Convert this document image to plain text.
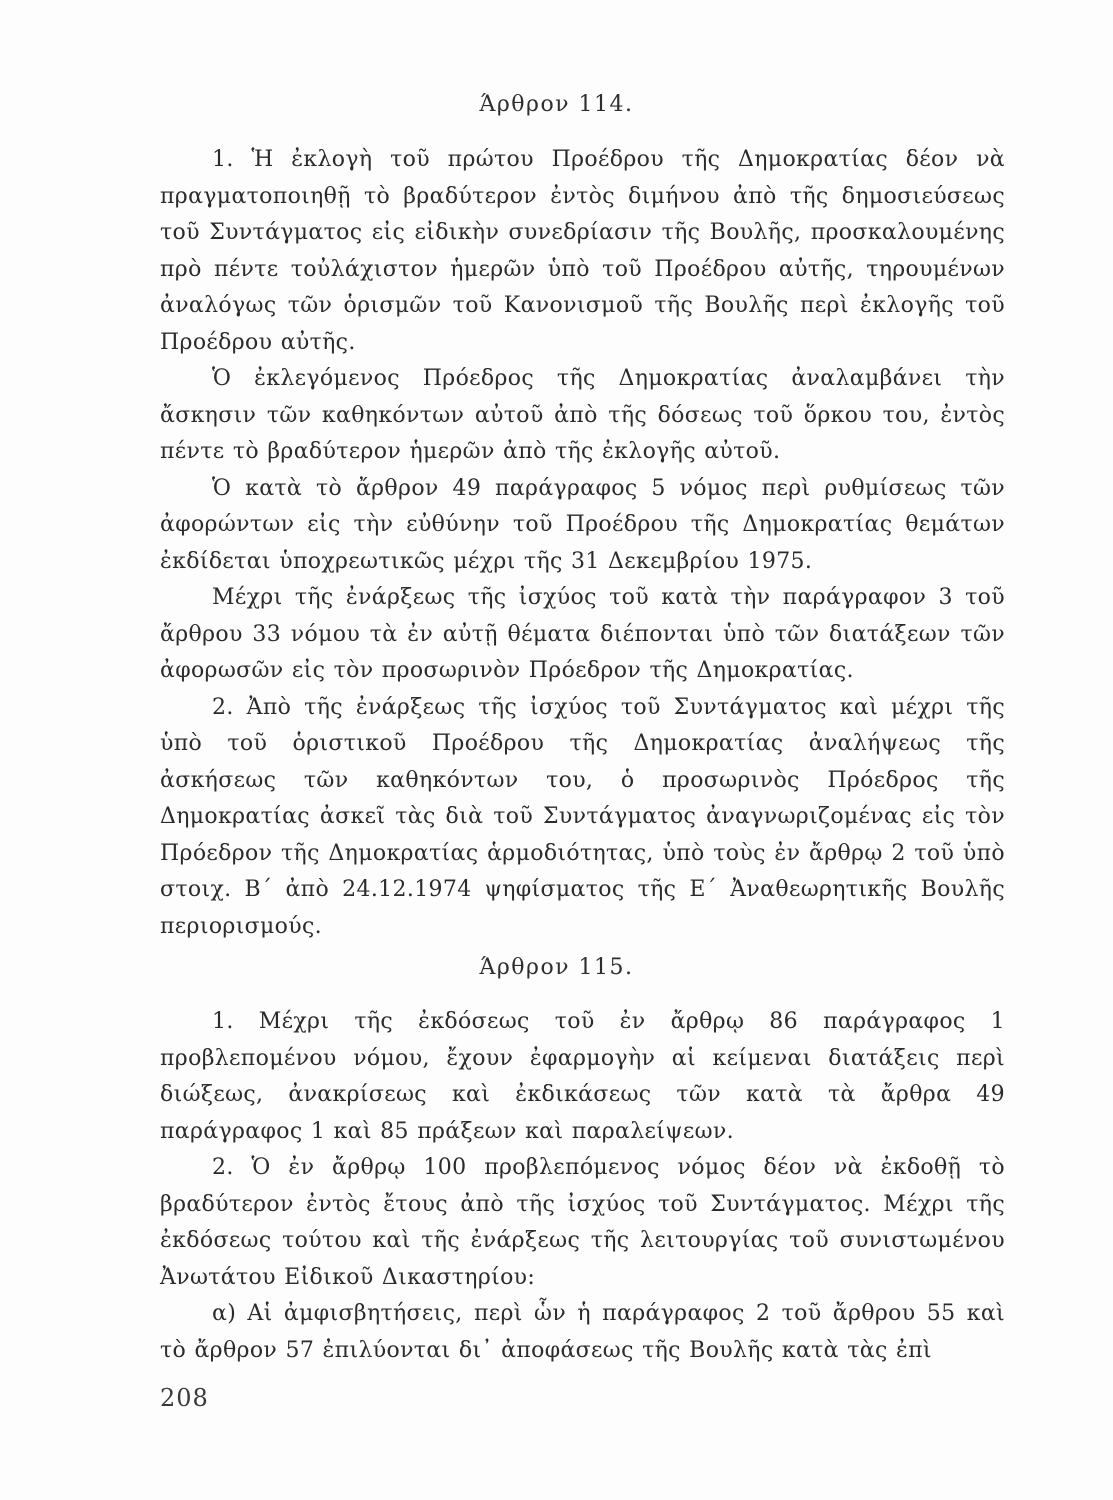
Άρθρον 114.

1. Ἡ ἐκλογὴ τοῦ πρώτου Προέδρου τῆς Δημοκρατίας δέον νὰ πραγματοποιηθῇ τὸ βραδύτερον ἐντὸς διμήνου ἀπὸ τῆς δημοσιεύσεως τοῦ Συντάγματος εἰς εἰδικὴν συνεδρίασιν τῆς Βουλῆς, προσκαλουμένης πρὸ πέντε τοὐλάχιστον ἡμερῶν ὑπὸ τοῦ Προέδρου αὐτῆς, τηρουμένων ἀναλόγως τῶν ὁρισμῶν τοῦ Κανονισμοῦ τῆς Βουλῆς περὶ ἐκλογῆς τοῦ Προέδρου αὐτῆς.

Ὁ ἐκλεγόμενος Πρόεδρος τῆς Δημοκρατίας ἀναλαμβάνει τὴν ἄσκησιν τῶν καθηκόντων αὐτοῦ ἀπὸ τῆς δόσεως τοῦ ὅρκου του, ἐντὸς πέντε τὸ βραδύτερον ἡμερῶν ἀπὸ τῆς ἐκλογῆς αὐτοῦ.

Ὁ κατὰ τὸ ἄρθρον 49 παράγραφος 5 νόμος περὶ ρυθμίσεως τῶν ἀφορώντων εἰς τὴν εὐθύνην τοῦ Προέδρου τῆς Δημοκρατίας θεμάτων ἐκδίδεται ὑποχρεωτικῶς μέχρι τῆς 31 Δεκεμβρίου 1975.

Μέχρι τῆς ἐνάρξεως τῆς ἰσχύος τοῦ κατὰ τὴν παράγραφον 3 τοῦ ἄρθρου 33 νόμου τὰ ἐν αὐτῇ θέματα διέπονται ὑπὸ τῶν διατάξεων τῶν ἀφορωσῶν εἰς τὸν προσωρινὸν Πρόεδρον τῆς Δημοκρατίας.

2. Ἀπὸ τῆς ἐνάρξεως τῆς ἰσχύος τοῦ Συντάγματος καὶ μέχρι τῆς ὑπὸ τοῦ ὁριστικοῦ Προέδρου τῆς Δημοκρατίας ἀναλήψεως τῆς ἀσκήσεως τῶν καθηκόντων του, ὁ προσωρινὸς Πρόεδρος τῆς Δημοκρατίας ἀσκεῖ τὰς διὰ τοῦ Συντάγματος ἀναγνωριζομένας εἰς τὸν Πρόεδρον τῆς Δημοκρατίας ἁρμοδιότητας, ὑπὸ τοὺς ἐν ἄρθρῳ 2 τοῦ ὑπὸ στοιχ. Β΄ ἀπὸ 24.12.1974 ψηφίσματος τῆς Ε΄ Ἀναθεωρητικῆς Βουλῆς περιορισμούς.

Άρθρον 115.

1. Μέχρι τῆς ἐκδόσεως τοῦ ἐν ἄρθρῳ 86 παράγραφος 1 προβλεπομένου νόμου, ἔχουν ἐφαρμογὴν αἱ κείμεναι διατάξεις περὶ διώξεως, ἀνακρίσεως καὶ ἐκδικάσεως τῶν κατὰ τὰ ἄρθρα 49 παράγραφος 1 καὶ 85 πράξεων καὶ παραλείψεων.

2. Ὁ ἐν ἄρθρῳ 100 προβλεπόμενος νόμος δέον νὰ ἐκδοθῇ τὸ βραδύτερον ἐντὸς ἔτους ἀπὸ τῆς ἰσχύος τοῦ Συντάγματος. Μέχρι τῆς ἐκδόσεως τούτου καὶ τῆς ἐνάρξεως τῆς λειτουργίας τοῦ συνιστωμένου Ἀνωτάτου Εἰδικοῦ Δικαστηρίου:

α) Αἱ ἀμφισβητήσεις, περὶ ὧν ἡ παράγραφος 2 τοῦ ἄρθρου 55 καὶ τὸ ἄρθρον 57 ἐπιλύονται δι᾽ ἀποφάσεως τῆς Βουλῆς κατὰ τὰς ἐπὶ

208
